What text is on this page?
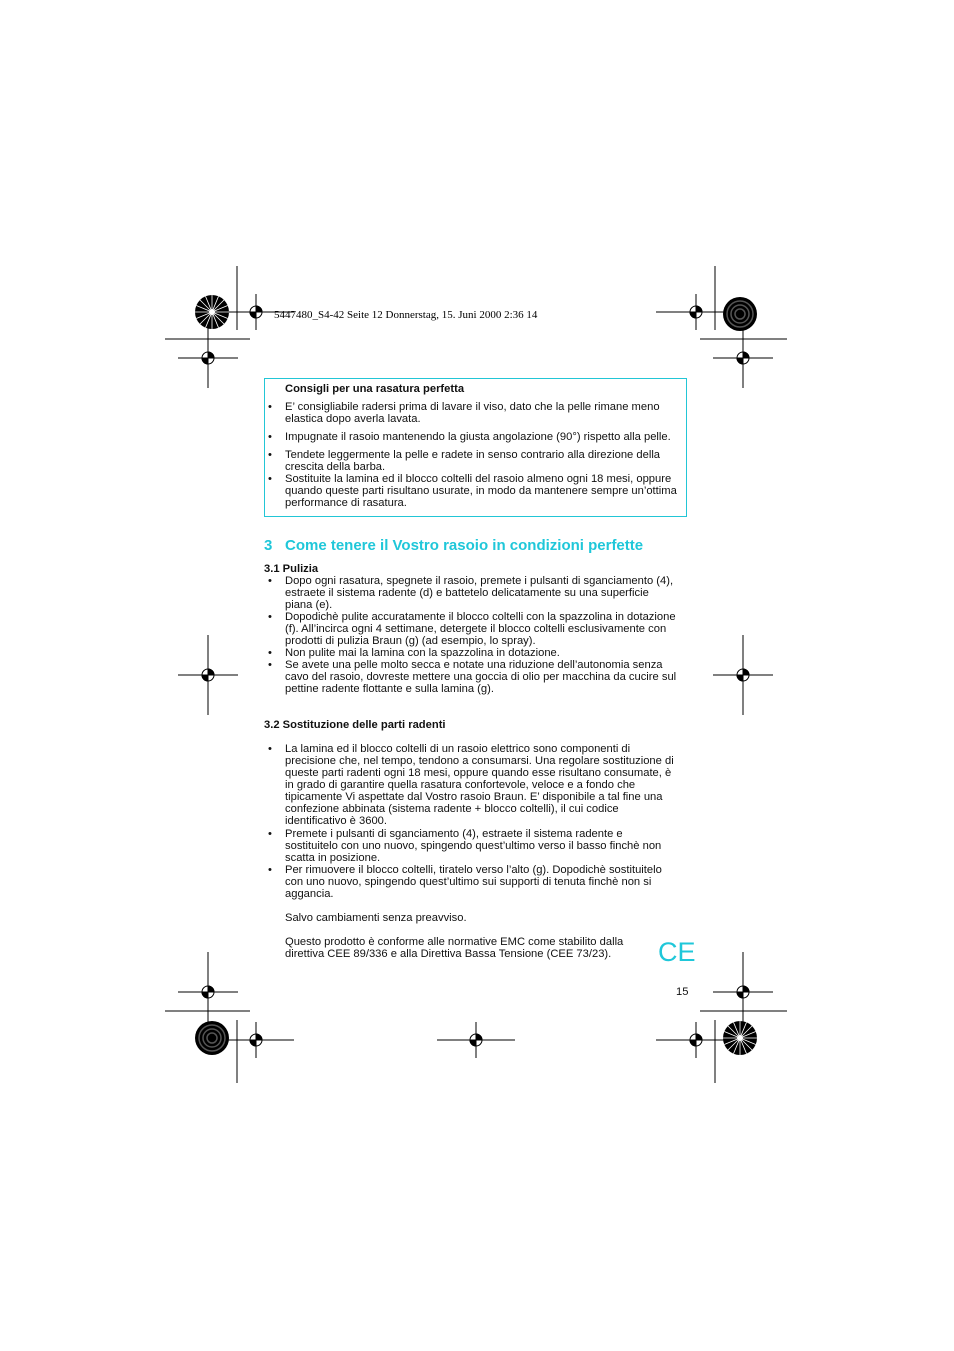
5447480_S4-42 Seite 12 Donnerstag, 15. Juni 2000 2:36 14
Consigli per una rasatura perfetta
• E’ consigliabile radersi prima di lavare il viso, dato che la pelle rimane meno elastica dopo averla lavata.
• Impugnate il rasoio mantenendo la giusta angolazione (90°) rispetto alla pelle.
• Tendete leggermente la pelle e radete in senso contrario alla direzione della crescita della barba.
• Sostituite la lamina ed il blocco coltelli del rasoio almeno ogni 18 mesi, oppure quando queste parti risultano usurate, in modo da mantenere sempre un’ottima performance di rasatura.
3 Come tenere il Vostro rasoio in condizioni perfette
3.1 Pulizia
• Dopo ogni rasatura, spegnete il rasoio, premete i pulsanti di sganciamento (4), estraete il sistema radente (d) e battetelo delicatamente su una superficie piana (e).
• Dopodichè pulite accuratamente il blocco coltelli con la spazzolina in dotazione (f). All’incirca ogni 4 settimane, detergete il blocco coltelli esclusivamente con prodotti di pulizia Braun (g) (ad esempio, lo spray).
• Non pulite mai la lamina con la spazzolina in dotazione.
• Se avete una pelle molto secca e notate una riduzione dell’autonomia senza cavo del rasoio, dovreste mettere una goccia di olio per macchina da cucire sul pettine radente flottante e sulla lamina (g).
3.2 Sostituzione delle parti radenti
• La lamina ed il blocco coltelli di un rasoio elettrico sono componenti di precisione che, nel tempo, tendono a consumarsi. Una regolare sostituzione di queste parti radenti ogni 18 mesi, oppure quando esse risultano consumate, è in grado di garantire quella rasatura confortevole, veloce e a fondo che tipicamente Vi aspettate dal Vostro rasoio Braun. E’ disponibile a tal fine una confezione abbinata (sistema radente + blocco coltelli), il cui codice identificativo è 3600.
• Premete i pulsanti di sganciamento (4), estraete il sistema radente e sostituitelo con uno nuovo, spingendo quest’ultimo verso il basso finchè non scatta in posizione.
• Per rimuovere il blocco coltelli, tiratelo verso l’alto (g). Dopodichè sostituitelo con uno nuovo, spingendo quest’ultimo sui supporti di tenuta finchè non si aggancia.
Salvo cambiamenti senza preavviso.
Questo prodotto è conforme alle normative EMC come stabilito dalla direttiva CEE 89/336 e alla Direttiva Bassa Tensione (CEE 73/23).	CE
15
